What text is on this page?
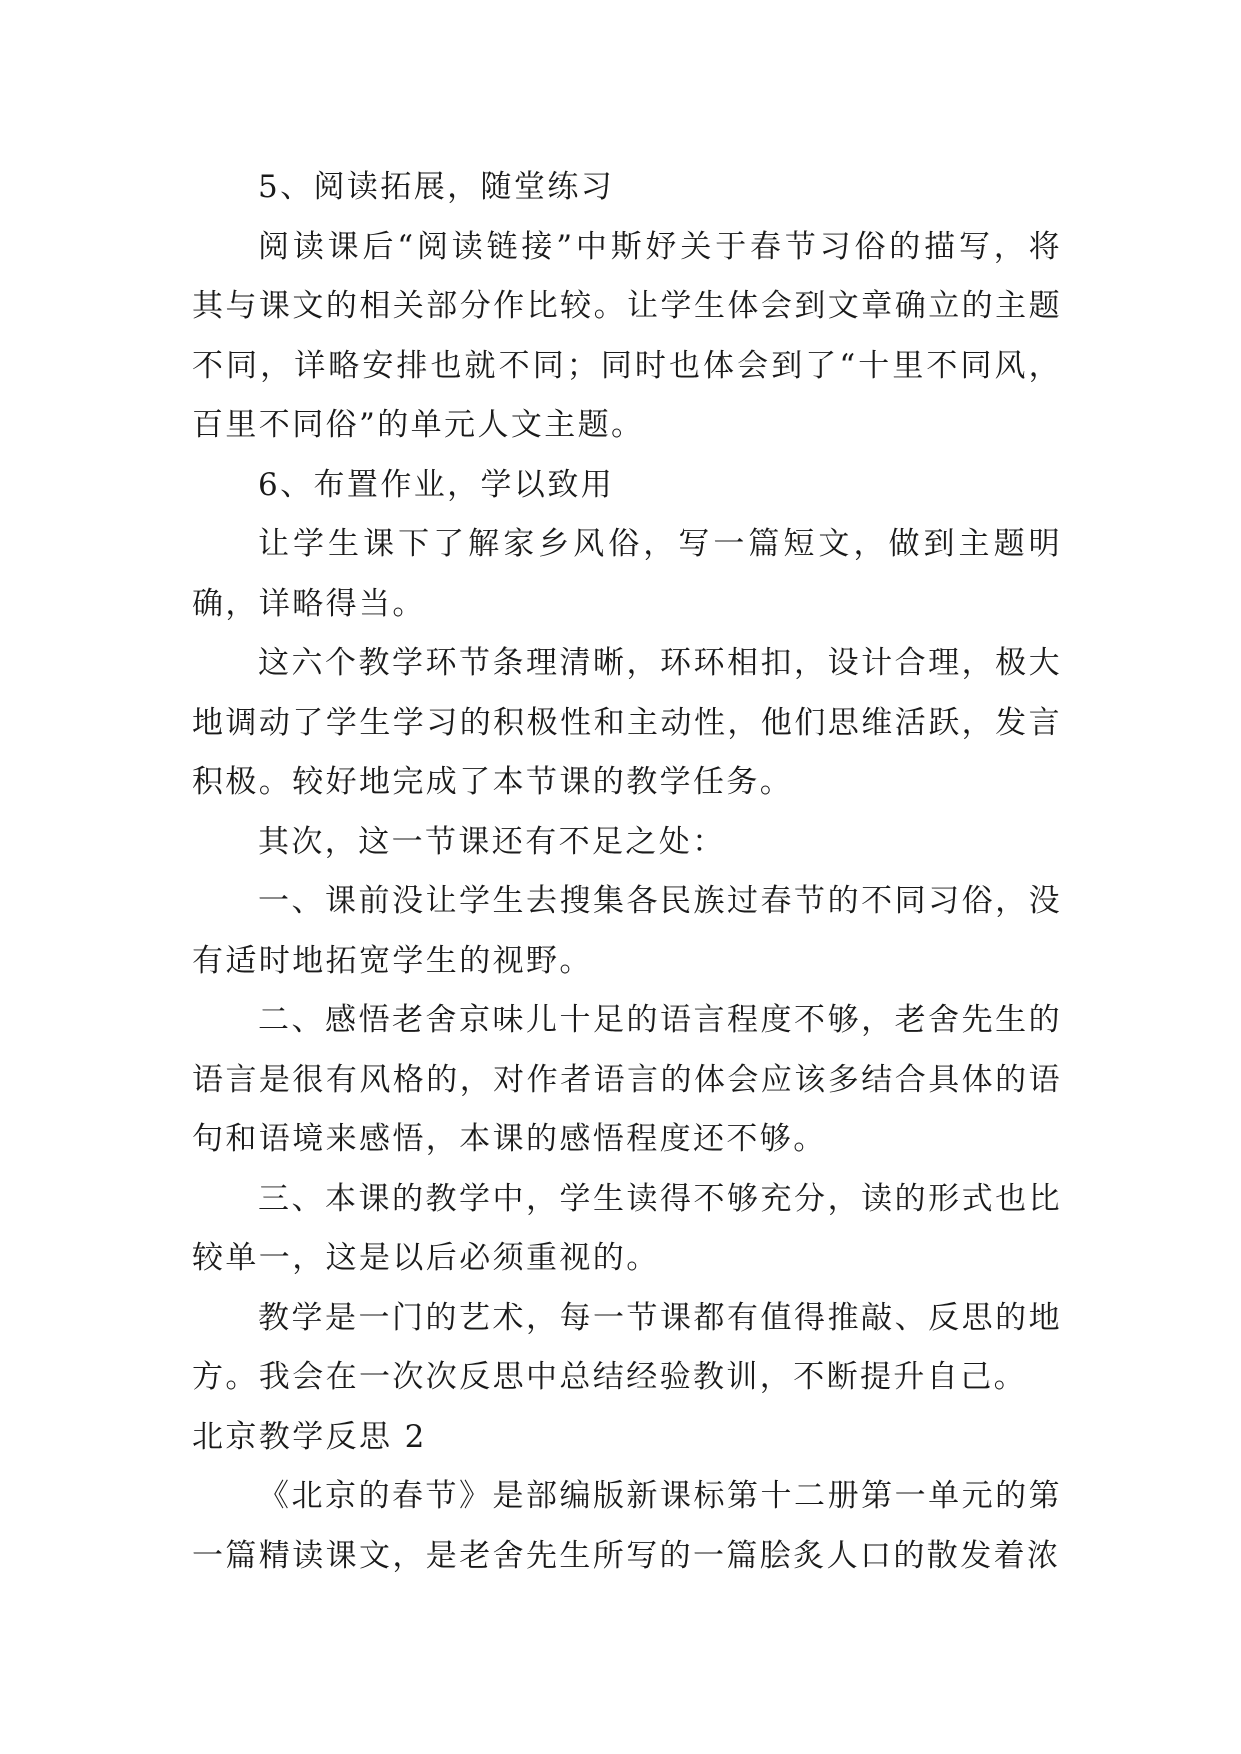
5、阅读拓展，随堂练习

阅读课后“阅读链接”中斯妤关于春节习俗的描写，将其与课文的相关部分作比较。让学生体会到文章确立的主题不同，详略安排也就不同；同时也体会到了“十里不同风，百里不同俗”的单元人文主题。

6、布置作业，学以致用

让学生课下了解家乡风俗，写一篇短文，做到主题明确，详略得当。

这六个教学环节条理清晰，环环相扣，设计合理，极大地调动了学生学习的积极性和主动性，他们思维活跃，发言积极。较好地完成了本节课的教学任务。

其次，这一节课还有不足之处：

一、课前没让学生去搜集各民族过春节的不同习俗，没有适时地拓宽学生的视野。

二、感悟老舍京味儿十足的语言程度不够，老舍先生的语言是很有风格的，对作者语言的体会应该多结合具体的语句和语境来感悟，本课的感悟程度还不够。

三、本课的教学中，学生读得不够充分，读的形式也比较单一，这是以后必须重视的。

教学是一门的艺术，每一节课都有值得推敲、反思的地方。我会在一次次反思中总结经验教训，不断提升自己。

北京教学反思 2

《北京的春节》是部编版新课标第十二册第一单元的第一篇精读课文，是老舍先生所写的一篇脍炙人口的散发着浓
